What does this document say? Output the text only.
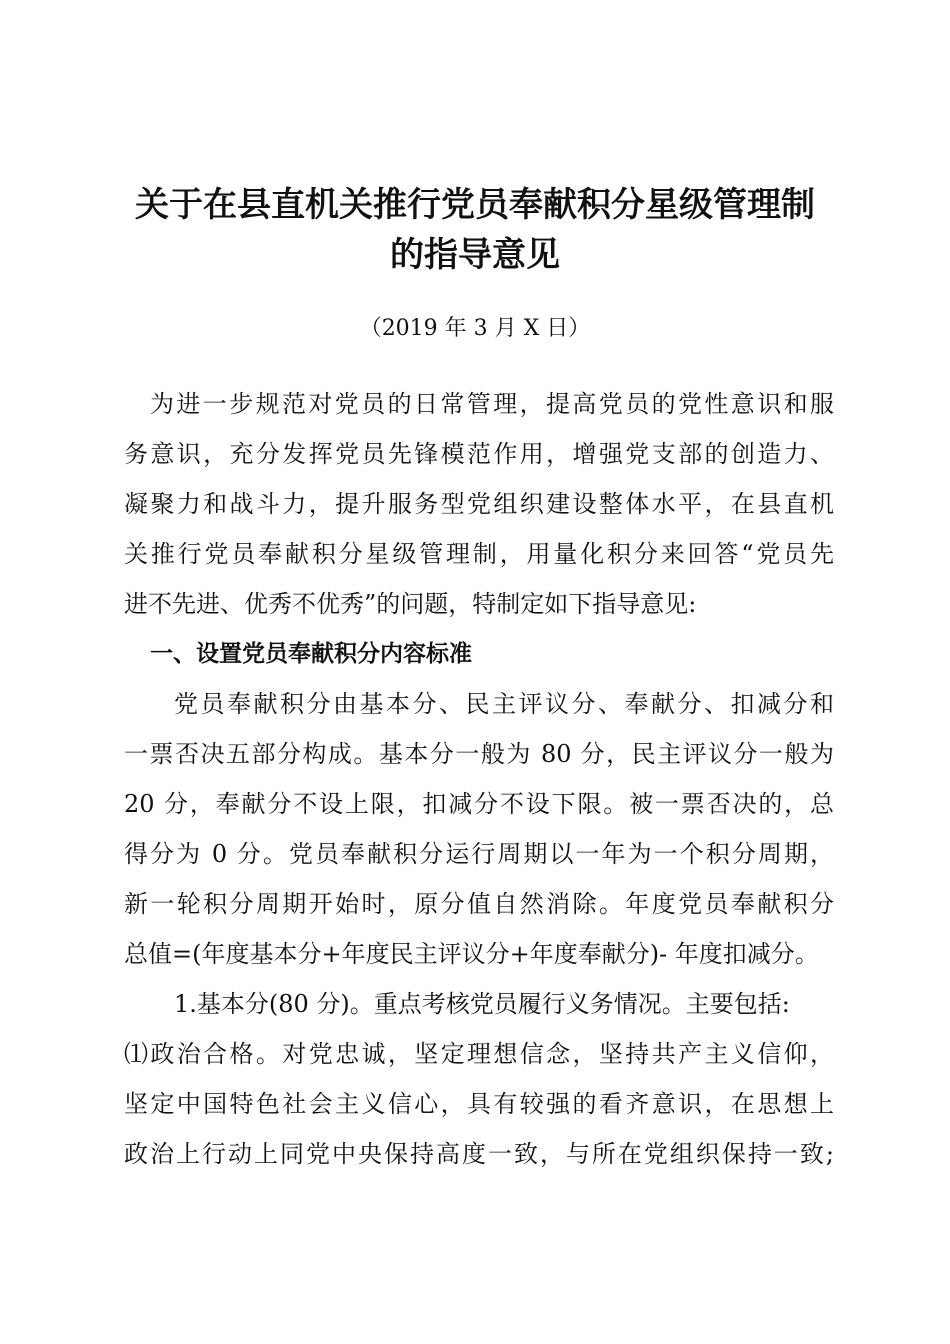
关于在县直机关推行党员奉献积分星级管理制
的指导意见
（2019 年 3 月 X 日）
为进一步规范对党员的日常管理，提高党员的党性意识和服
务意识，充分发挥党员先锋模范作用，增强党支部的创造力、
凝聚力和战斗力，提升服务型党组织建设整体水平，在县直机
关推行党员奉献积分星级管理制，用量化积分来回答“党员先
进不先进、优秀不优秀”的问题，特制定如下指导意见:
一、设置党员奉献积分内容标准
党员奉献积分由基本分、民主评议分、奉献分、扣减分和
一票否决五部分构成。基本分一般为 80 分，民主评议分一般为
20 分，奉献分不设上限，扣减分不设下限。被一票否决的，总
得分为 0 分。党员奉献积分运行周期以一年为一个积分周期，
新一轮积分周期开始时，原分值自然消除。年度党员奉献积分
总值=(年度基本分+年度民主评议分+年度奉献分)- 年度扣减分。
1.基本分(80 分)。重点考核党员履行义务情况。主要包括:
⑴政治合格。对党忠诚，坚定理想信念，坚持共产主义信仰，
坚定中国特色社会主义信心，具有较强的看齐意识，在思想上
政治上行动上同党中央保持高度一致，与所在党组织保持一致;
